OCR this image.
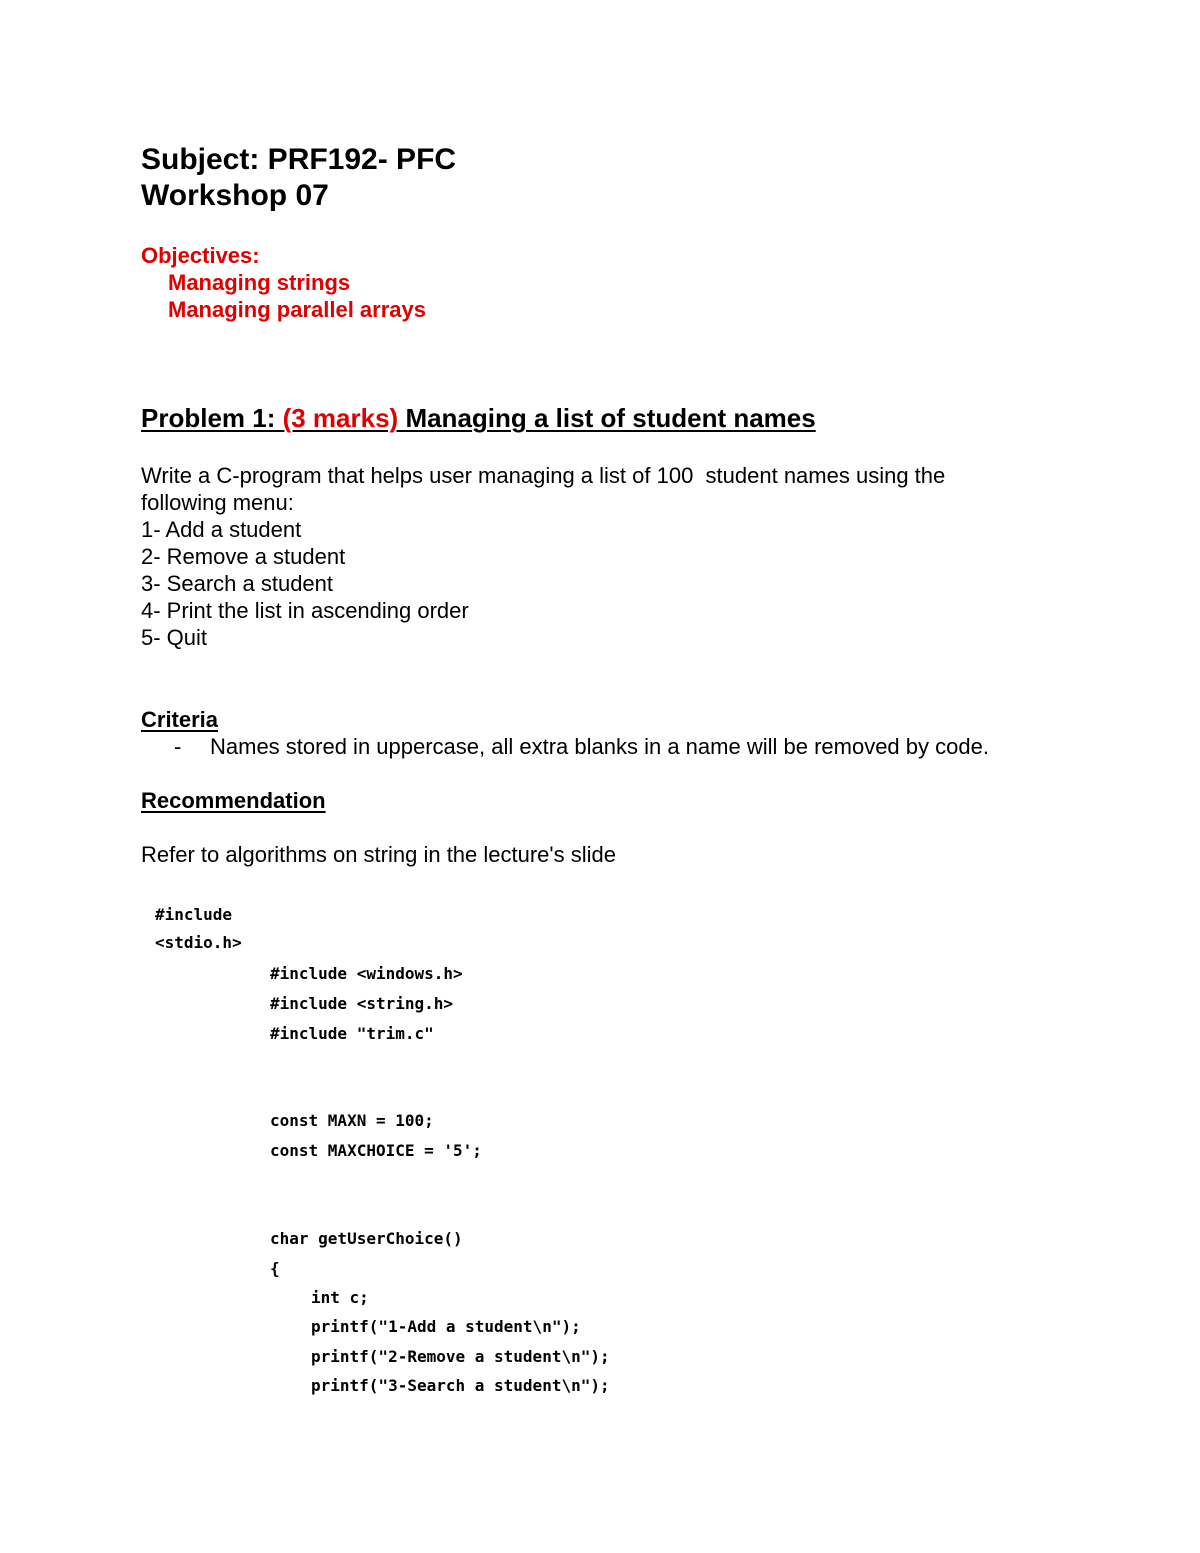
Subject: PRF192- PFC
Workshop 07
Objectives:
Managing strings
Managing parallel arrays
Problem 1: (3 marks) Managing a list of student names
Write a C-program that helps user managing a list of 100  student names using the
following menu:
1- Add a student
2- Remove a student
3- Search a student
4- Print the list in ascending order
5- Quit
Criteria
- Names stored in uppercase, all extra blanks in a name will be removed by code.
Recommendation
Refer to algorithms on string in the lecture's slide
#include
<stdio.h>
#include <windows.h>
#include <string.h>
#include "trim.c"
const MAXN = 100;
const MAXCHOICE = '5';
char getUserChoice()
{
int c;
printf("1-Add a student\n");
printf("2-Remove a student\n");
printf("3-Search a student\n");
